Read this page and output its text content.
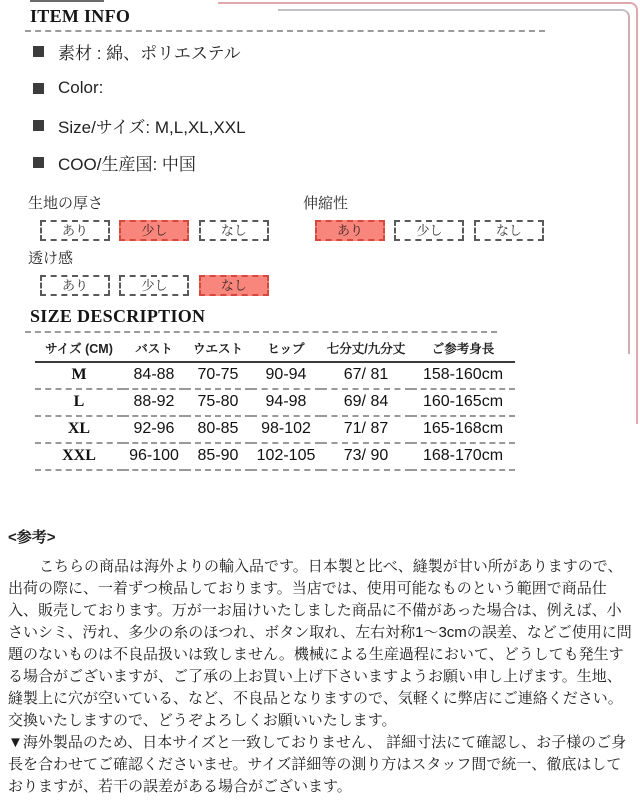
ITEM INFO
素材 : 綿、ポリエステル
Color:
Size/サイズ: M,L,XL,XXL
COO/生産国: 中国
生地の厚さ
あり	少し	なし
伸縮性
あり	少し	なし
透け感
あり	少し	なし
SIZE DESCRIPTION
サイズ (CM)	バスト	ウエスト	ヒップ	七分丈/九分丈	ご参考身長
M	84-88	70-75	90-94	67/ 81	158-160cm
L	88-92	75-80	94-98	69/ 84	160-165cm
XL	92-96	80-85	98-102	71/ 87	165-168cm
XXL	96-100	85-90	102-105	73/ 90	168-170cm
<参考>

こちらの商品は海外よりの輸入品です。日本製と比べ、縫製が甘い所がありますので、出荷の際に、一着ずつ検品しております。当店では、使用可能なものという範囲で商品仕入、販売しております。万が一お届けいたしました商品に不備があった場合は、例えば、小さいシミ、汚れ、多少の糸のほつれ、ボタン取れ、左右対称1～3cmの誤差、などご使用に問題のないものは不良品扱いは致しません。機械による生産過程において、どうしても発生する場合がございますが、ご了承の上お買い上げ下さいますようお願い申し上げます。生地、縫製上に穴が空いている、など、不良品となりますので、気軽くに弊店にご連絡ください。交換いたしますので、どうぞよろしくお願いいたします。

▼海外製品のため、日本サイズと一致しておりません、 詳細寸法にて確認し、お子様のご身長を合わせてご確認くださいませ。サイズ詳細等の測り方はスタッフ間で統一、徹底はしておりますが、若干の誤差がある場合がございます。
